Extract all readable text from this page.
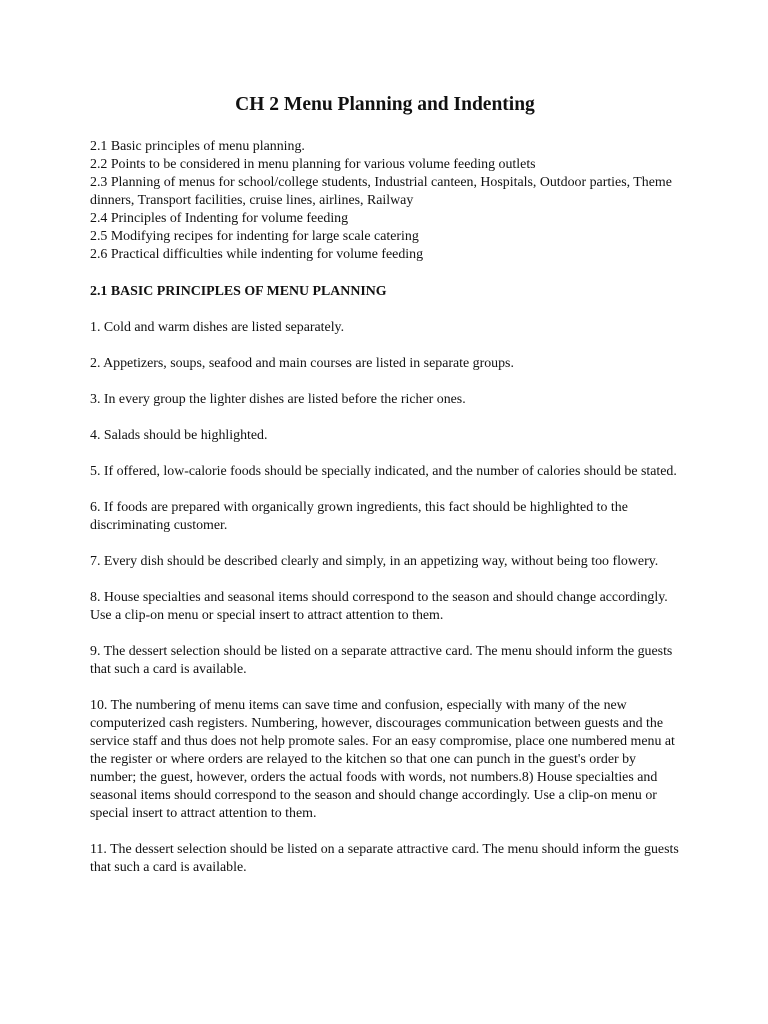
CH 2 Menu Planning and Indenting
2.1 Basic principles of menu planning.
2.2 Points to be considered in menu planning for various volume feeding outlets
2.3 Planning of menus for school/college students, Industrial canteen, Hospitals, Outdoor parties, Theme dinners, Transport facilities, cruise lines, airlines, Railway
2.4 Principles of Indenting for volume feeding
2.5 Modifying recipes for indenting for large scale catering
2.6 Practical difficulties while indenting for volume feeding
2.1 BASIC PRINCIPLES OF MENU PLANNING

1. Cold and warm dishes are listed separately.

2. Appetizers, soups, seafood and main courses are listed in separate groups.

3. In every group the lighter dishes are listed before the richer ones.

4. Salads should be highlighted.

5. If offered, low-calorie foods should be specially indicated, and the number of calories should be stated.

6. If foods are prepared with organically grown ingredients, this fact should be highlighted to the discriminating customer.

7. Every dish should be described clearly and simply, in an appetizing way, without being too flowery.

8. House specialties and seasonal items should correspond to the season and should change accordingly. Use a clip-on menu or special insert to attract attention to them.

9. The dessert selection should be listed on a separate attractive card. The menu should inform the guests that such a card is available.

10. The numbering of menu items can save time and confusion, especially with many of the new computerized cash registers. Numbering, however, discourages communication between guests and the service staff and thus does not help promote sales. For an easy compromise, place one numbered menu at the register or where orders are relayed to the kitchen so that one can punch in the guest's order by number; the guest, however, orders the actual foods with words, not numbers.8) House specialties and seasonal items should correspond to the season and should change accordingly. Use a clip-on menu or special insert to attract attention to them.

11. The dessert selection should be listed on a separate attractive card. The menu should inform the guests that such a card is available.
